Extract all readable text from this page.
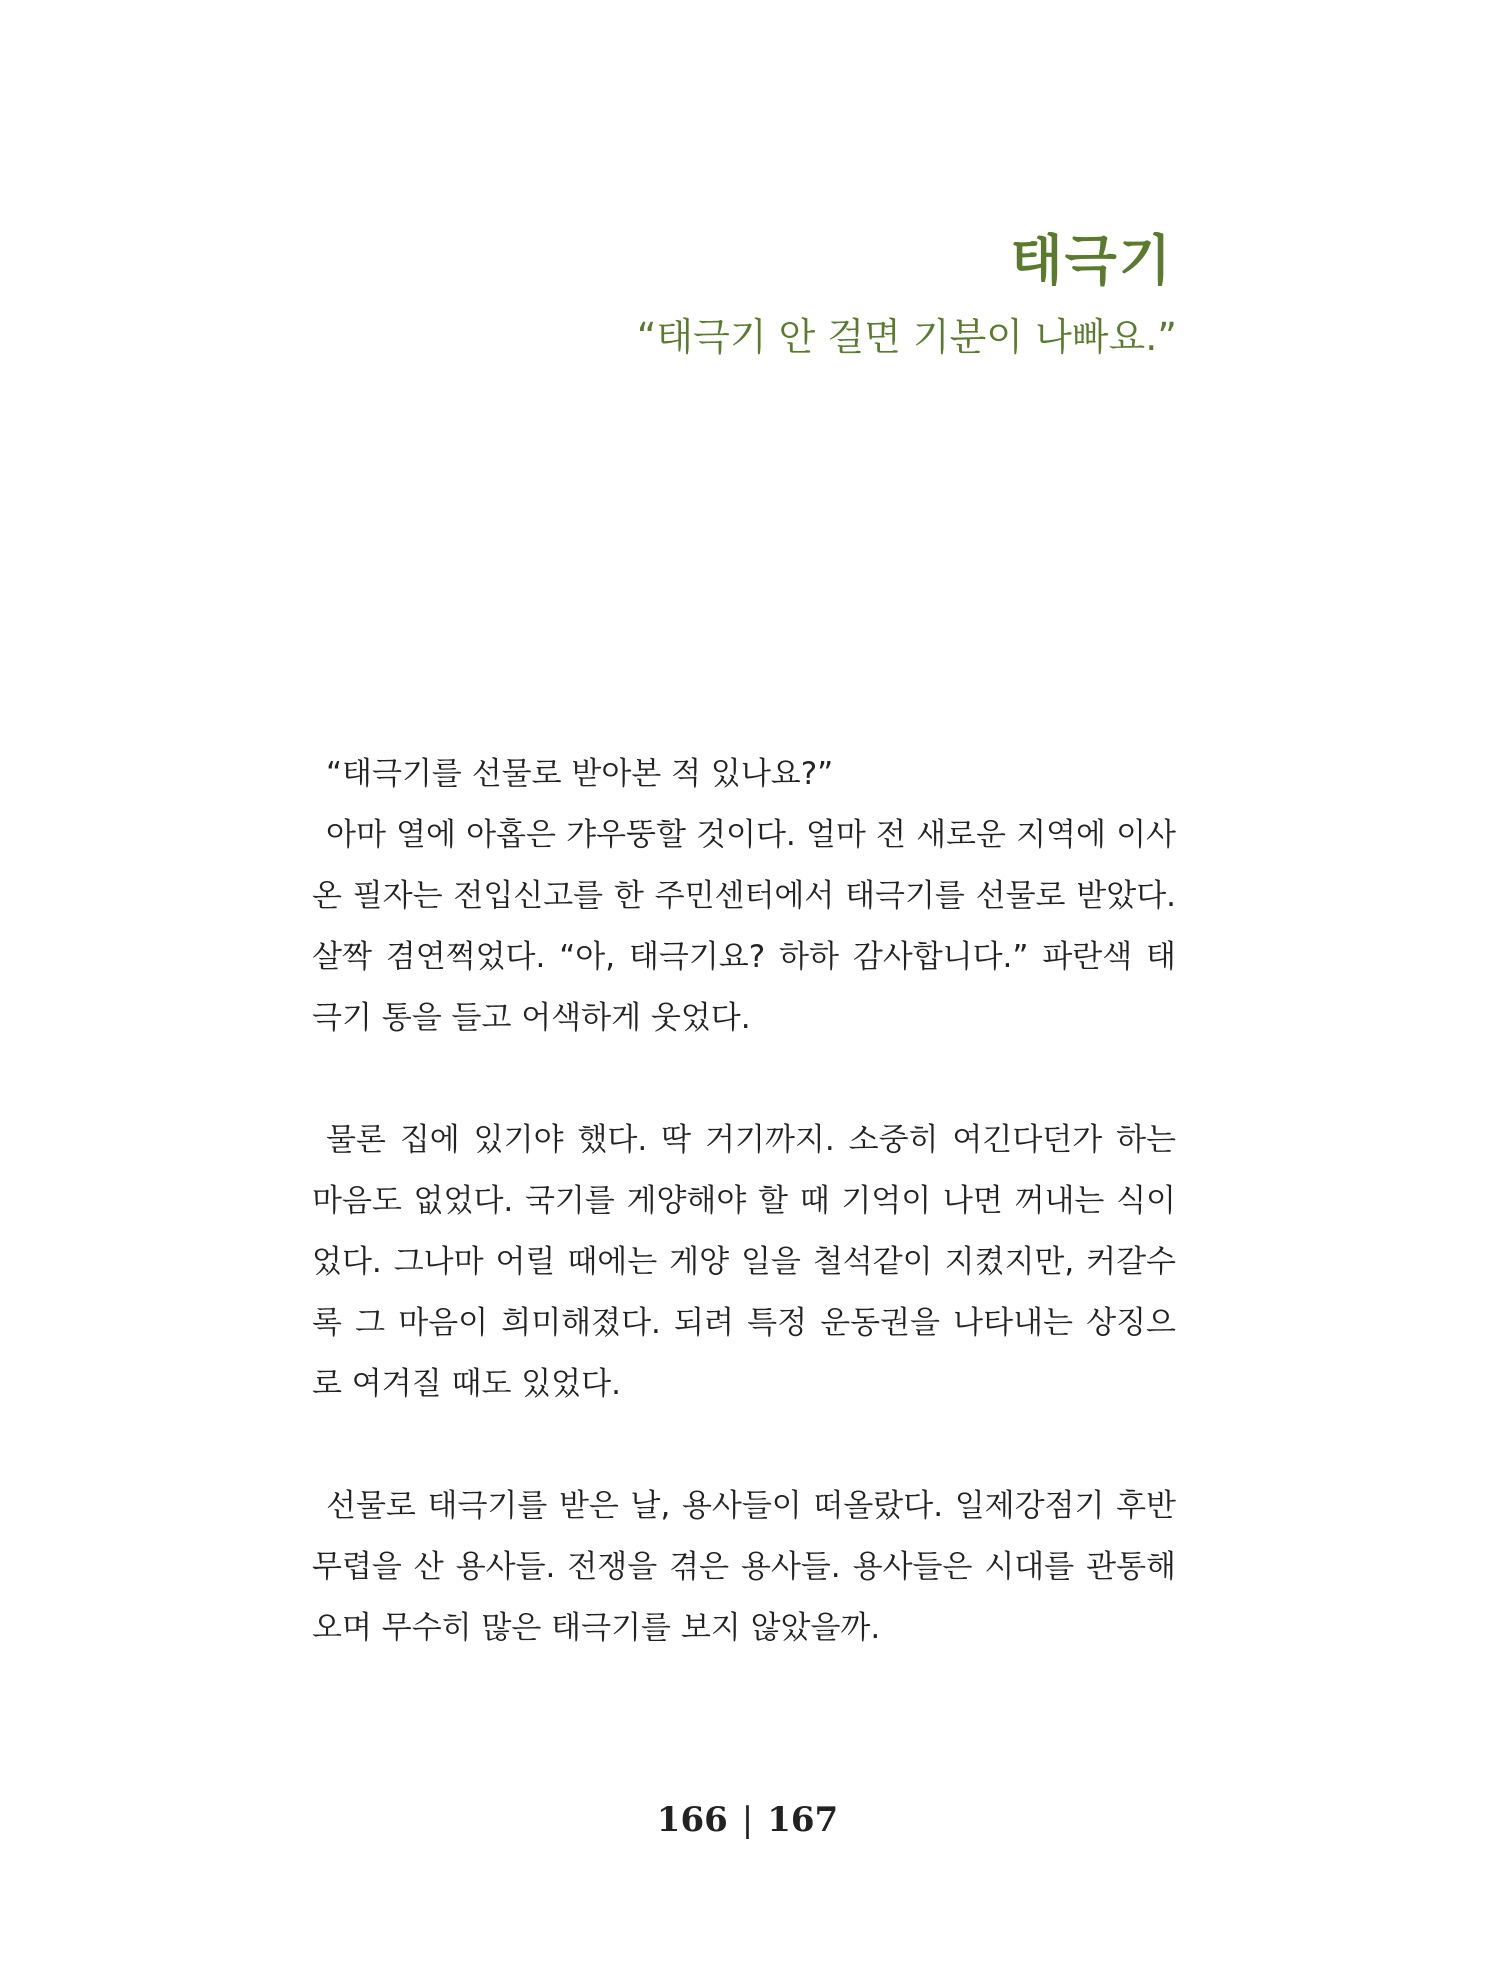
태극기

“태극기 안 걸면 기분이 나빠요.”

“태극기를 선물로 받아본 적 있나요?”

아마 열에 아홉은 갸우뚱할 것이다. 얼마 전 새로운 지역에 이사 온 필자는 전입신고를 한 주민센터에서 태극기를 선물로 받았다. 살짝 겸연쩍었다. “아, 태극기요? 하하 감사합니다.” 파란색 태극기 통을 들고 어색하게 웃었다.

물론 집에 있기야 했다. 딱 거기까지. 소중히 여긴다던가 하는 마음도 없었다. 국기를 게양해야 할 때 기억이 나면 꺼내는 식이었다. 그나마 어릴 때에는 게양 일을 철석같이 지켰지만, 커갈수록 그 마음이 희미해졌다. 되려 특정 운동권을 나타내는 상징으로 여겨질 때도 있었다.

선물로 태극기를 받은 날, 용사들이 떠올랐다. 일제강점기 후반 무렵을 산 용사들. 전쟁을 겪은 용사들. 용사들은 시대를 관통해 오며 무수히 많은 태극기를 보지 않았을까.

166 | 167
